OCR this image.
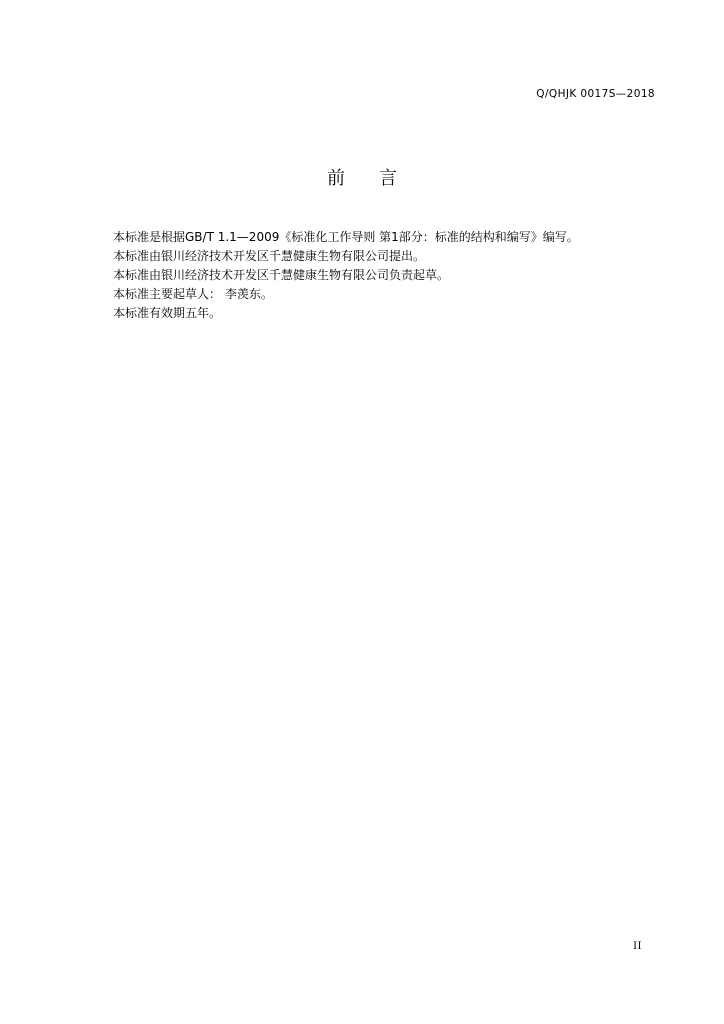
Q/QHJK 0017S—2018
前 言
本标准是根据GB/T 1.1—2009《标准化工作导则 第1部分：标准的结构和编写》编写。
本标准由银川经济技术开发区千慧健康生物有限公司提出。
本标准由银川经济技术开发区千慧健康生物有限公司负责起草。
本标准主要起草人： 李羡东。
本标准有效期五年。
II
